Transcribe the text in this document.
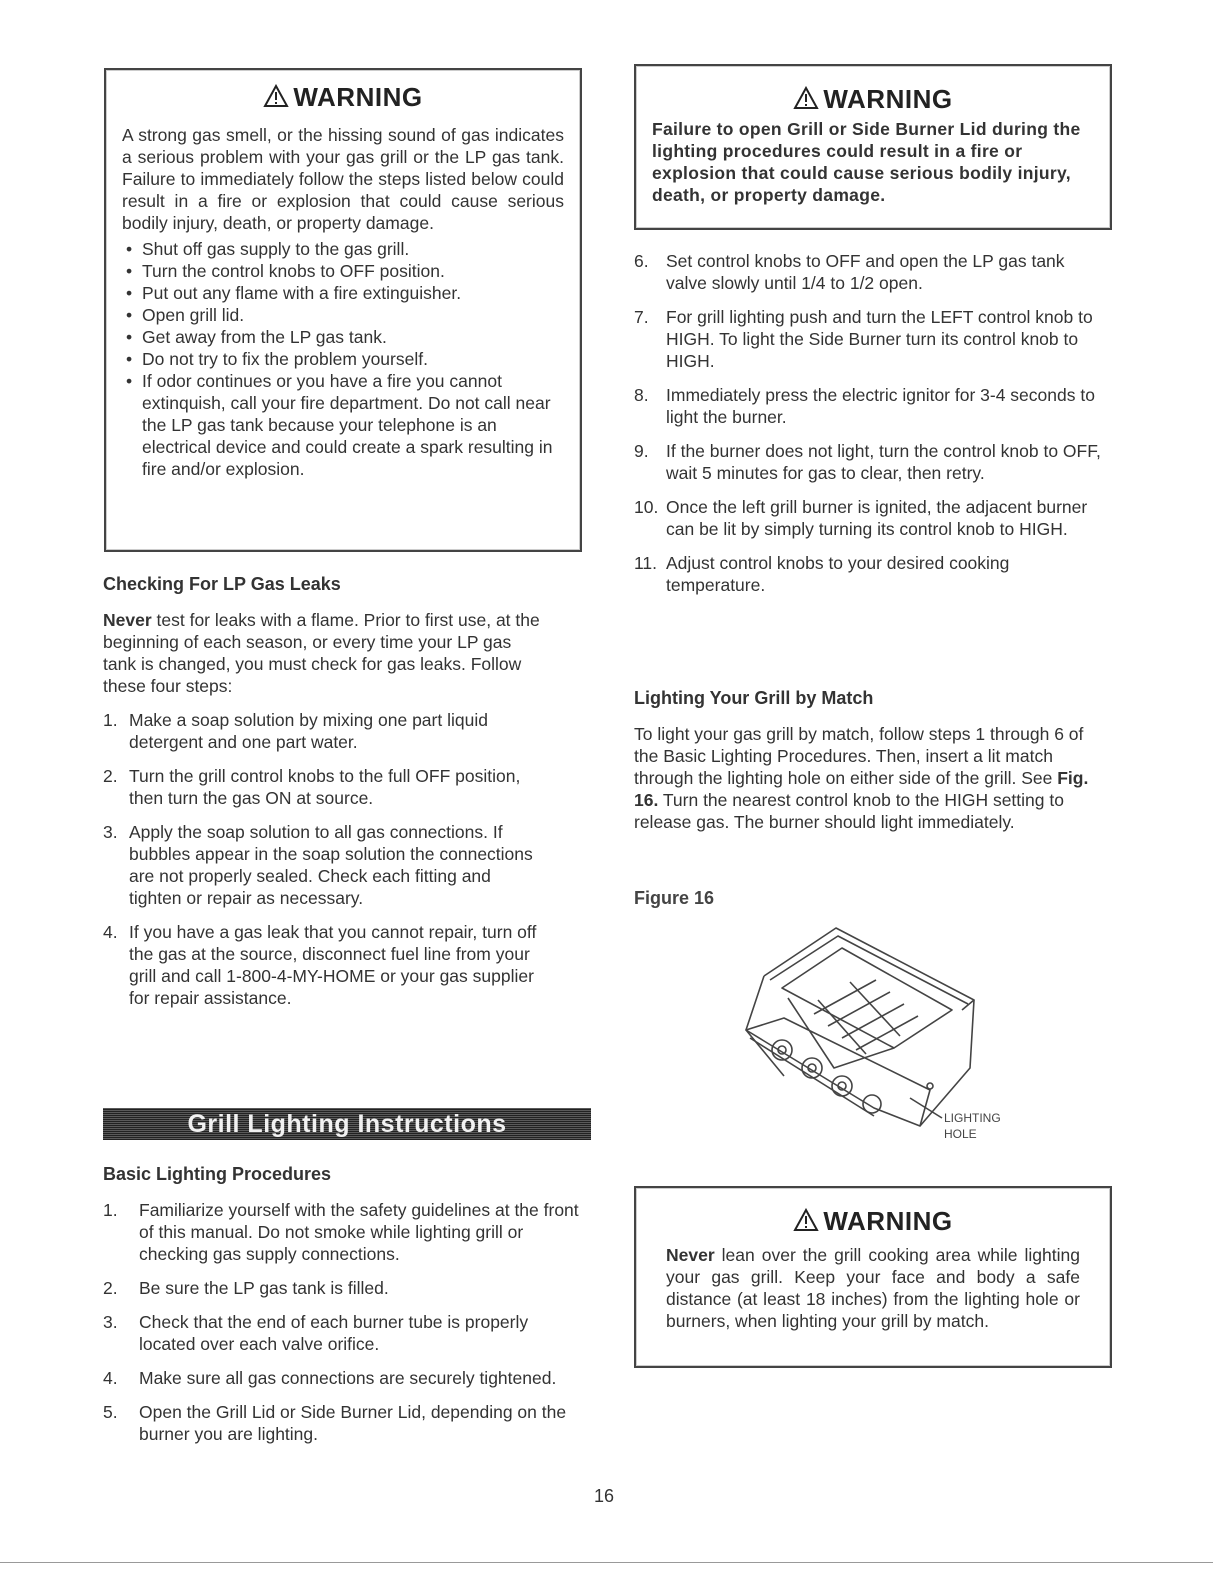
WARNING

A strong gas smell, or the hissing sound of gas indicates a serious problem with your gas grill or the LP gas tank. Failure to immediately follow the steps listed below could result in a fire or explosion that could cause serious bodily injury, death, or property damage.

• Shut off gas supply to the gas grill.
• Turn the control knobs to OFF position.
• Put out any flame with a fire extinguisher.
• Open grill lid.
• Get away from the LP gas tank.
• Do not try to fix the problem yourself.
• If odor continues or you have a fire you cannot extinquish, call your fire department. Do not call near the LP gas tank because your telephone is an electrical device and could create a spark resulting in fire and/or explosion.

Checking For LP Gas Leaks

Never test for leaks with a flame. Prior to first use, at the beginning of each season, or every time your LP gas tank is changed, you must check for gas leaks. Follow these four steps:

1. Make a soap solution by mixing one part liquid detergent and one part water.
2. Turn the grill control knobs to the full OFF position, then turn the gas ON at source.
3. Apply the soap solution to all gas connections. If bubbles appear in the soap solution the connections are not properly sealed. Check each fitting and tighten or repair as necessary.
4. If you have a gas leak that you cannot repair, turn off the gas at the source, disconnect fuel line from your grill and call 1-800-4-MY-HOME or your gas supplier for repair assistance.
Grill Lighting Instructions

Basic Lighting Procedures

1. Familiarize yourself with the safety guidelines at the front of this manual. Do not smoke while lighting grill or checking gas supply connections.
2. Be sure the LP gas tank is filled.
3. Check that the end of each burner tube is properly located over each valve orifice.
4. Make sure all gas connections are securely tightened.
5. Open the Grill Lid or Side Burner Lid, depending on the burner you are lighting.
WARNING

Failure to open Grill or Side Burner Lid during the lighting procedures could result in a fire or explosion that could cause serious bodily injury, death, or property damage.

6. Set control knobs to OFF and open the LP gas tank valve slowly until 1/4 to 1/2 open.
7. For grill lighting push and turn the LEFT control knob to HIGH. To light the Side Burner turn its control knob to HIGH.
8. Immediately press the electric ignitor for 3-4 seconds to light the burner.
9. If the burner does not light, turn the control knob to OFF, wait 5 minutes for gas to clear, then retry.
10. Once the left grill burner is ignited, the adjacent burner can be lit by simply turning its control knob to HIGH.
11. Adjust control knobs to your desired cooking temperature.

Lighting Your Grill by Match

To light your gas grill by match, follow steps 1 through 6 of the Basic Lighting Procedures. Then, insert a lit match through the lighting hole on either side of the grill. See Fig. 16. Turn the nearest control knob to the HIGH setting to release gas. The burner should light immediately.

Figure 16
LIGHTING
HOLE
WARNING

Never lean over the grill cooking area while lighting your gas grill. Keep your face and body a safe distance (at least 18 inches) from the lighting hole or burners, when lighting your grill by match.

16
